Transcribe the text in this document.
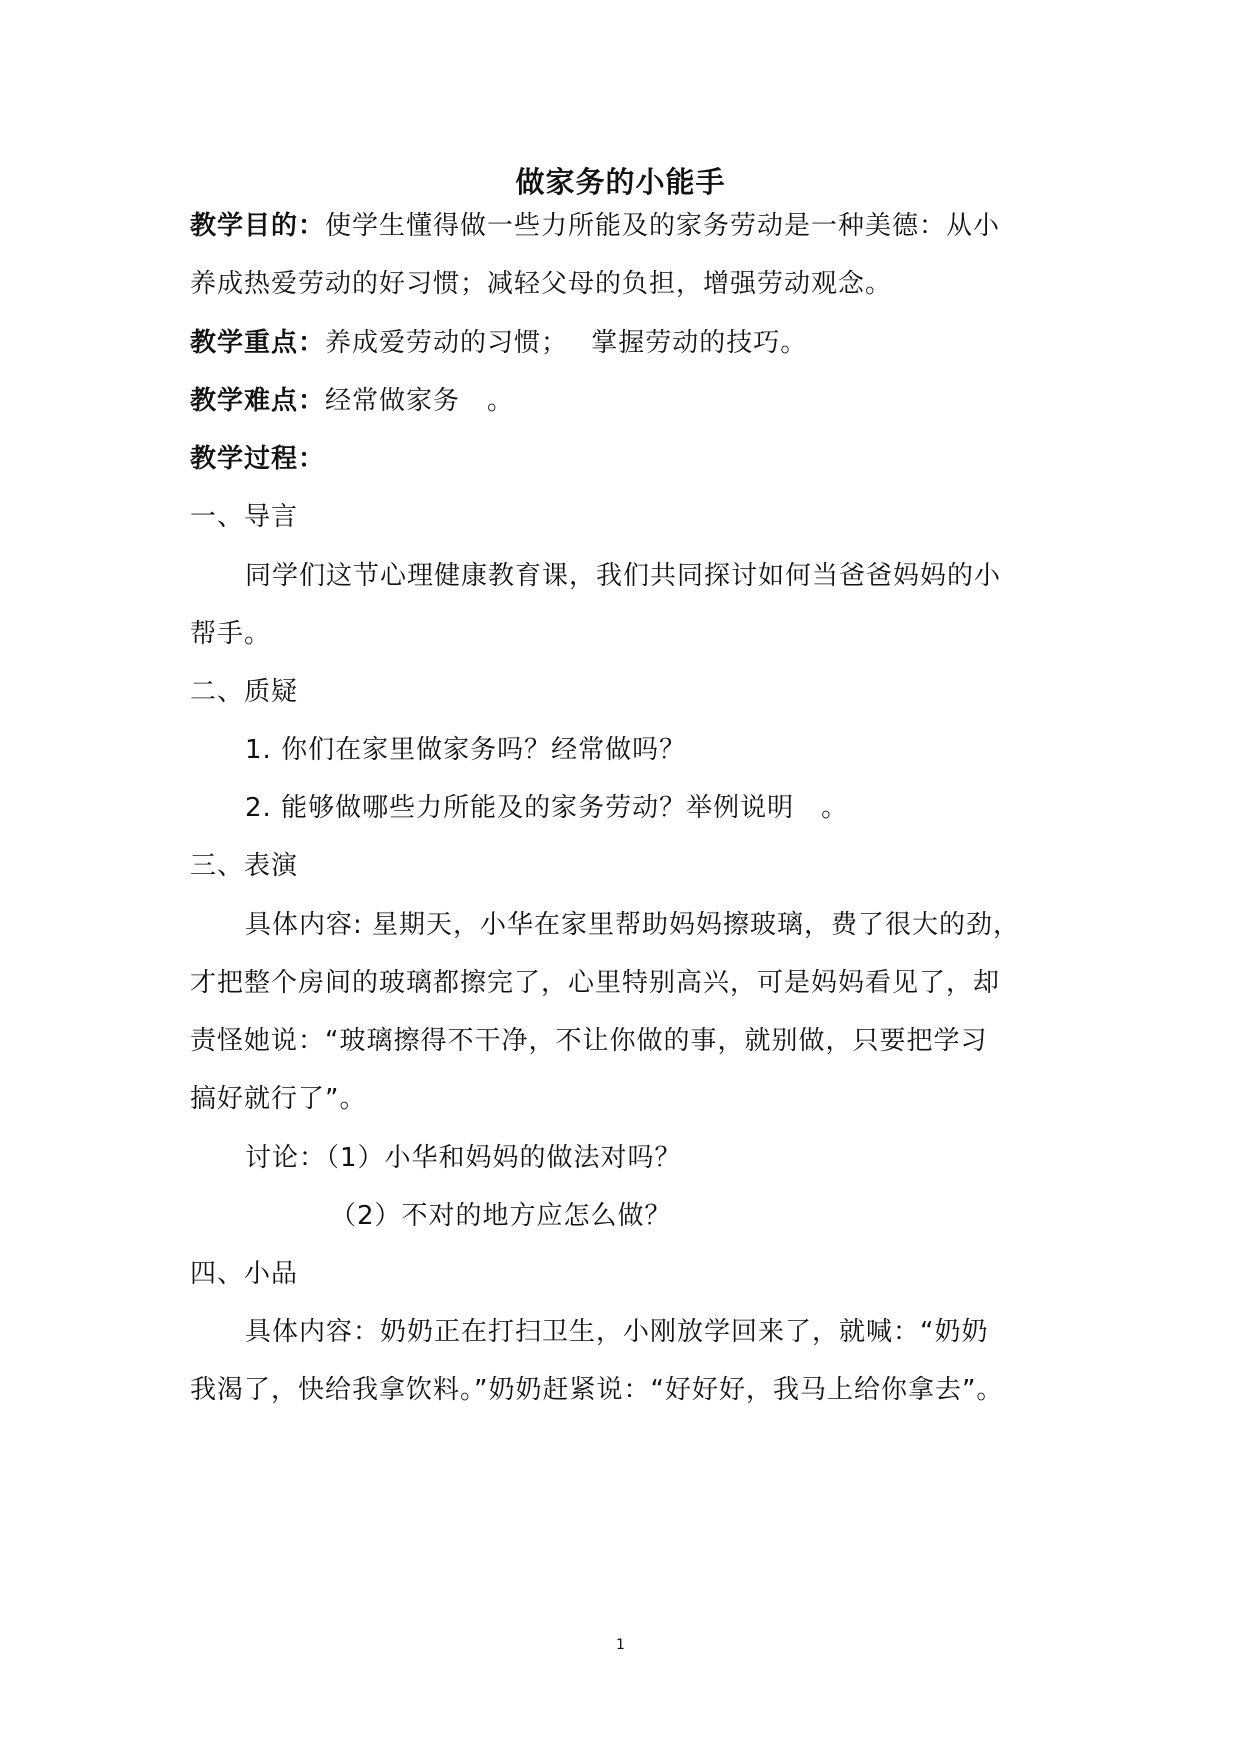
做家务的小能手
教学目的：使学生懂得做一些力所能及的家务劳动是一种美德：从小
养成热爱劳动的好习惯；减轻父母的负担，增强劳动观念。
教学重点：养成爱劳动的习惯；　 掌握劳动的技巧。
教学难点：经常做家务　。
教学过程：
一、导言
同学们这节心理健康教育课，我们共同探讨如何当爸爸妈妈的小
帮手。
二、质疑
1. 你们在家里做家务吗？经常做吗？
2. 能够做哪些力所能及的家务劳动？举例说明　。
三、表演
具体内容: 星期天，小华在家里帮助妈妈擦玻璃，费了很大的劲，
才把整个房间的玻璃都擦完了，心里特别高兴，可是妈妈看见了，却
责怪她说：“玻璃擦得不干净，不让你做的事，就别做，只要把学习
搞好就行了”。
讨论：（1）小华和妈妈的做法对吗？
（2）不对的地方应怎么做？
四、小品
具体内容：奶奶正在打扫卫生，小刚放学回来了，就喊：“奶奶
我渴了，快给我拿饮料。”奶奶赶紧说：“好好好，我马上给你拿去”。
1
